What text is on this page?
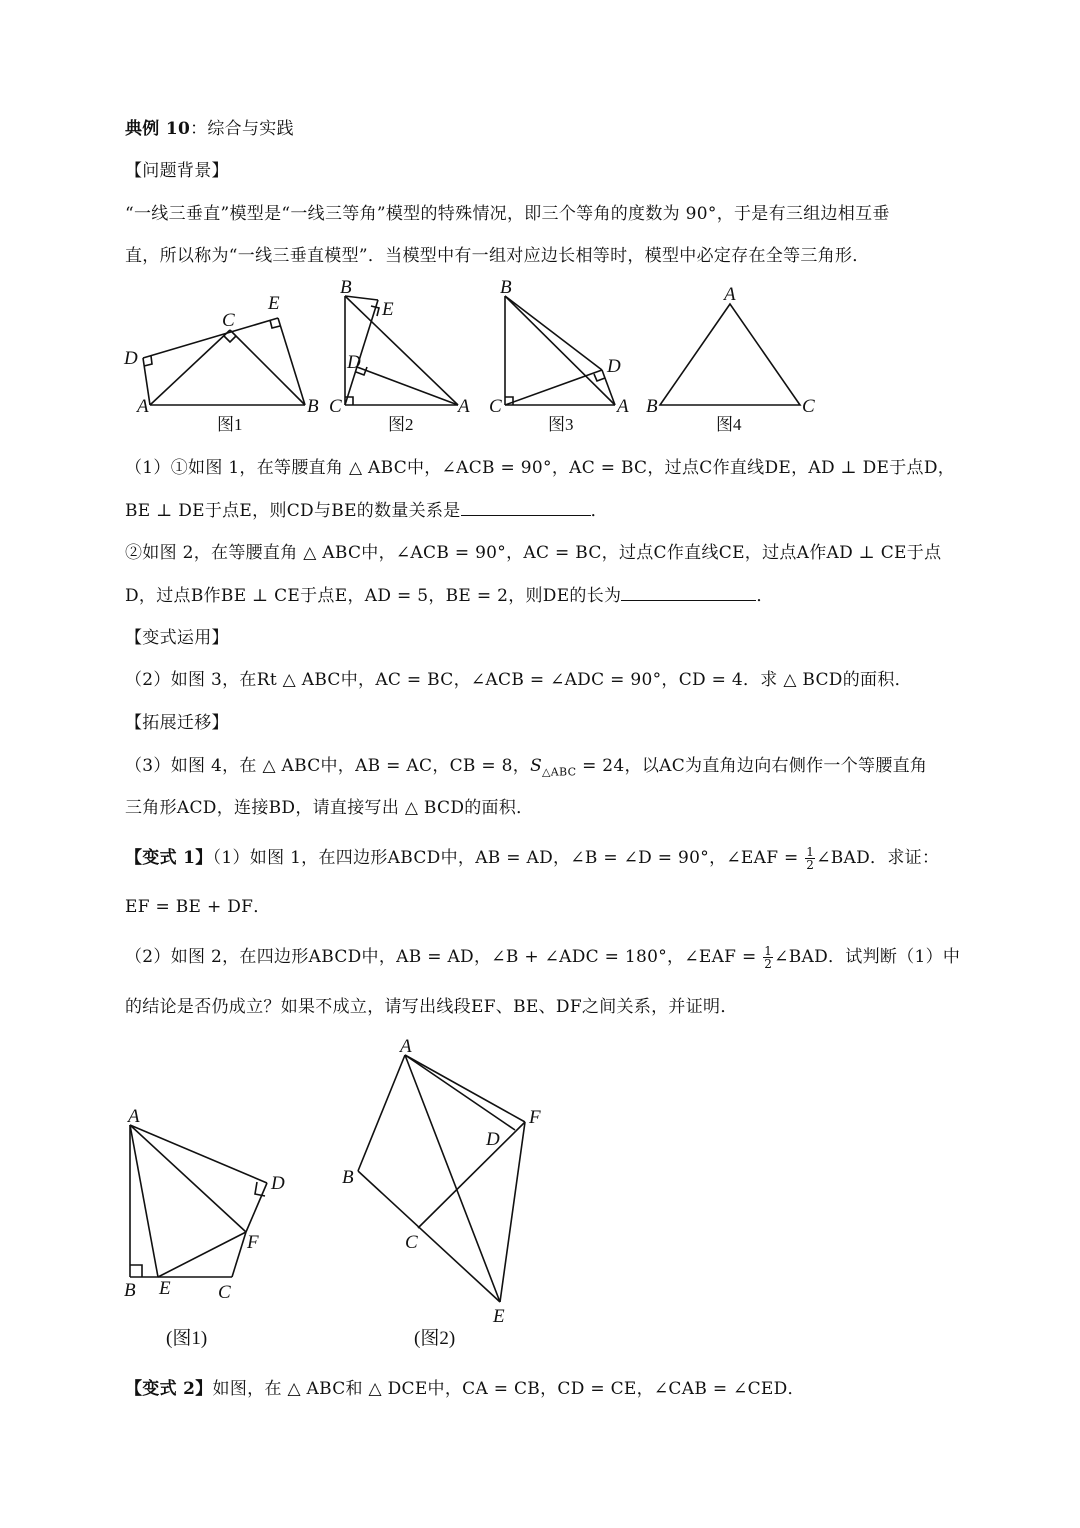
典例 10：综合与实践
【问题背景】
“一线三垂直”模型是“一线三等角”模型的特殊情况，即三个等角的度数为 90°，于是有三组边相互垂
直，所以称为“一线三垂直模型”．当模型中有一组对应边长相等时，模型中必定存在全等三角形．
A	B
C
D
E
A
B
C
D
E
A
B
C
D
A
B	C
图1	图2	图3	图4
（1）①如图 1，在等腰直角 △ ABC中，∠ACB = 90°，AC = BC，过点C作直线DE，AD ⊥ DE于点D，
BE ⊥ DE于点E，则CD与BE的数量关系是	．
②如图 2，在等腰直角 △ ABC中，∠ACB = 90°，AC = BC，过点C作直线CE，过点A作AD ⊥ CE于点
D，过点B作BE ⊥ CE于点E，AD = 5，BE = 2，则DE的长为	．
【变式运用】
（2）如图 3，在Rt △ ABC中，AC = BC，∠ACB = ∠ADC = 90°，CD = 4．求 △ BCD的面积．
【拓展迁移】
（3）如图 4，在 △ ABC中，AB = AC，CB = 8，$S_{\triangle ABC} = 24$，以AC为直角边向右侧作一个等腰直角
三角形ACD，连接BD，请直接写出 △ BCD的面积．
【变式 1】（1）如图 1，在四边形ABCD中，AB = AD，∠B = ∠D = 90°，∠EAF = $\frac{1}{2}$ ∠BAD．求证：
EF = BE + DF．
（2）如图 2，在四边形ABCD中，AB = AD，∠B + ∠ADC = 180°，∠EAF = $\frac{1}{2}$ ∠BAD．试判断（1）中
的结论是否仍成立？如果不成立，请写出线段EF、BE、DF之间关系，并证明．
A
B	C
D
E
F
A
B
C
D
E
F
(图1)	(图2)
【变式 2】如图，在 △ ABC和 △ DCE中，CA = CB，CD = CE，∠CAB = ∠CED．
